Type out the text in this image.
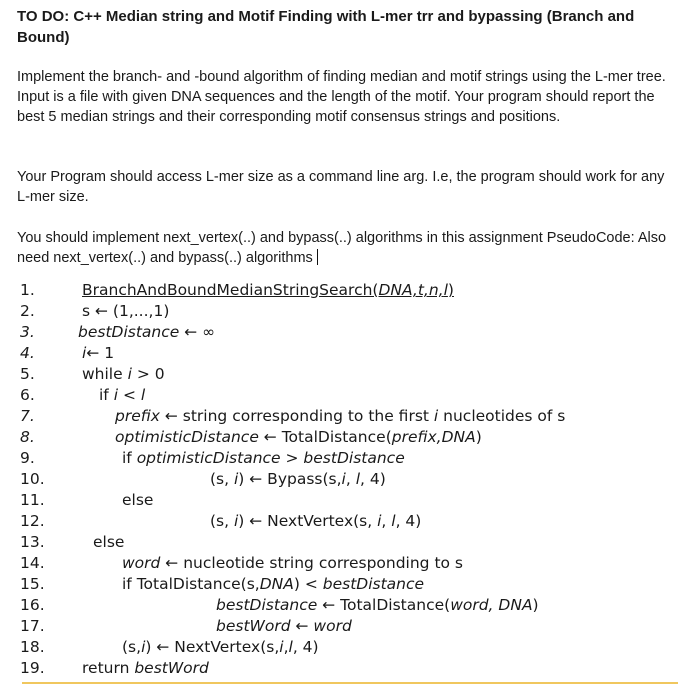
TO DO: C++ Median string and Motif Finding with L-mer trr and bypassing (Branch and Bound)
Implement the branch- and -bound algorithm of finding median and motif strings using the L-mer tree. Input is a file with given DNA sequences and the length of the motif. Your program should report the best 5 median strings and their corresponding motif consensus strings and positions.
Your Program should access L-mer size as a command line arg. I.e, the program should work for any L-mer size.
You should implement next_vertex(..) and bypass(..) algorithms in this assignment PseudoCode: Also need next_vertex(..) and bypass(..) algorithms
1.	BranchAndBoundMedianStringSearch(DNA,t,n,l)
2.	s ← (1,...,1)
3.	bestDistance ← ∞
4.	i← 1
5.	while i > 0
6.	if i < l
7.	prefix ← string corresponding to the first i nucleotides of s
8.	optimisticDistance ← TotalDistance(prefix,DNA)
9.	if optimisticDistance > bestDistance
10.	(s, i) ← Bypass(s,i, l, 4)
11.	else
12.	(s, i) ← NextVertex(s, i, l, 4)
13.	else
14.	word ← nucleotide string corresponding to s
15.	if TotalDistance(s,DNA) < bestDistance
16.	bestDistance ← TotalDistance(word, DNA)
17.	bestWord ← word
18.	(s,i) ← NextVertex(s,i,l, 4)
19.	return bestWord
